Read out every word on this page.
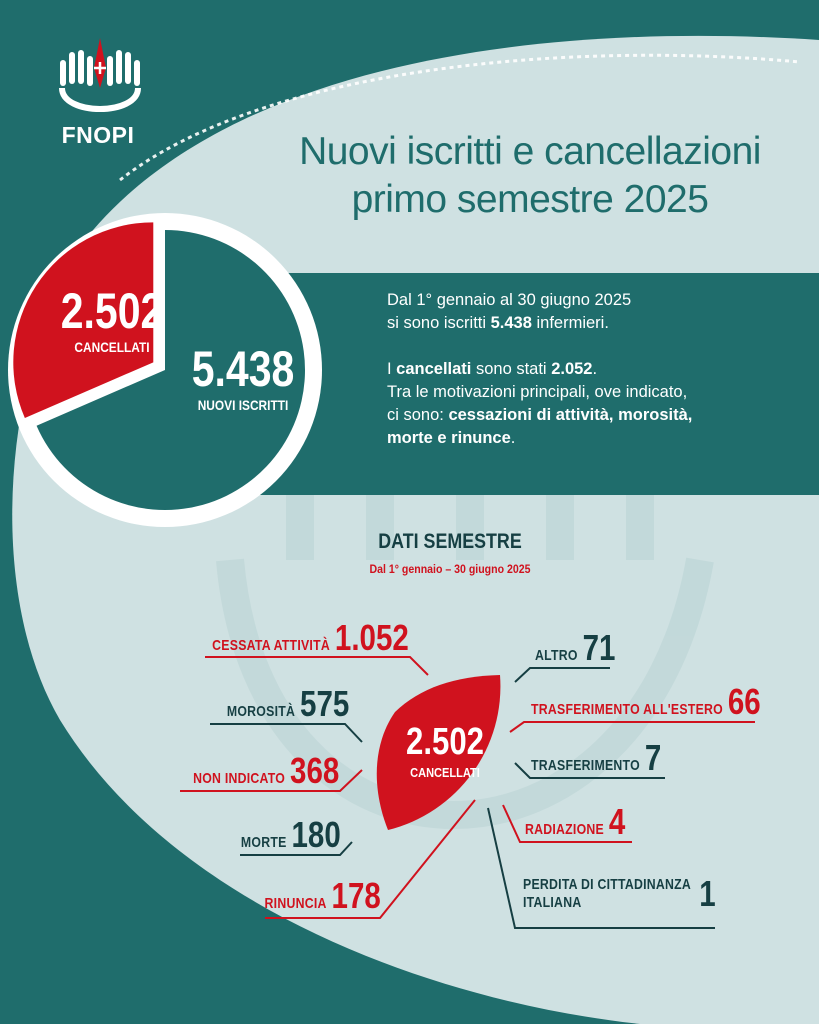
FNOPI	Nuovi iscritti e cancellazioni
primo semestre 2025
2.502
CANCELLATI 5.438
NUOVI ISCRITTI

Dal 1° gennaio al 30 giugno 2025

si sono iscritti 5.438 infermieri.

I cancellati sono stati 2.052.

Tra le motivazioni principali, ove indicato,

ci sono: cessazioni di attività, morosità,

morte e rinunce.

DATI SEMESTRE
Dal 1° gennaio – 30 giugno 2025
2.502
CANCELLATI
CESSATA ATTIVITÀ 1.052
MOROSITÀ 575
NON INDICATO 368
MORTE 180
RINUNCIA 178
ALTRO 71
TRASFERIMENTO ALL'ESTERO 66
TRASFERIMENTO 7
RADIAZIONE 4
PERDITA DI CITTADINANZA
ITALIANA	1
